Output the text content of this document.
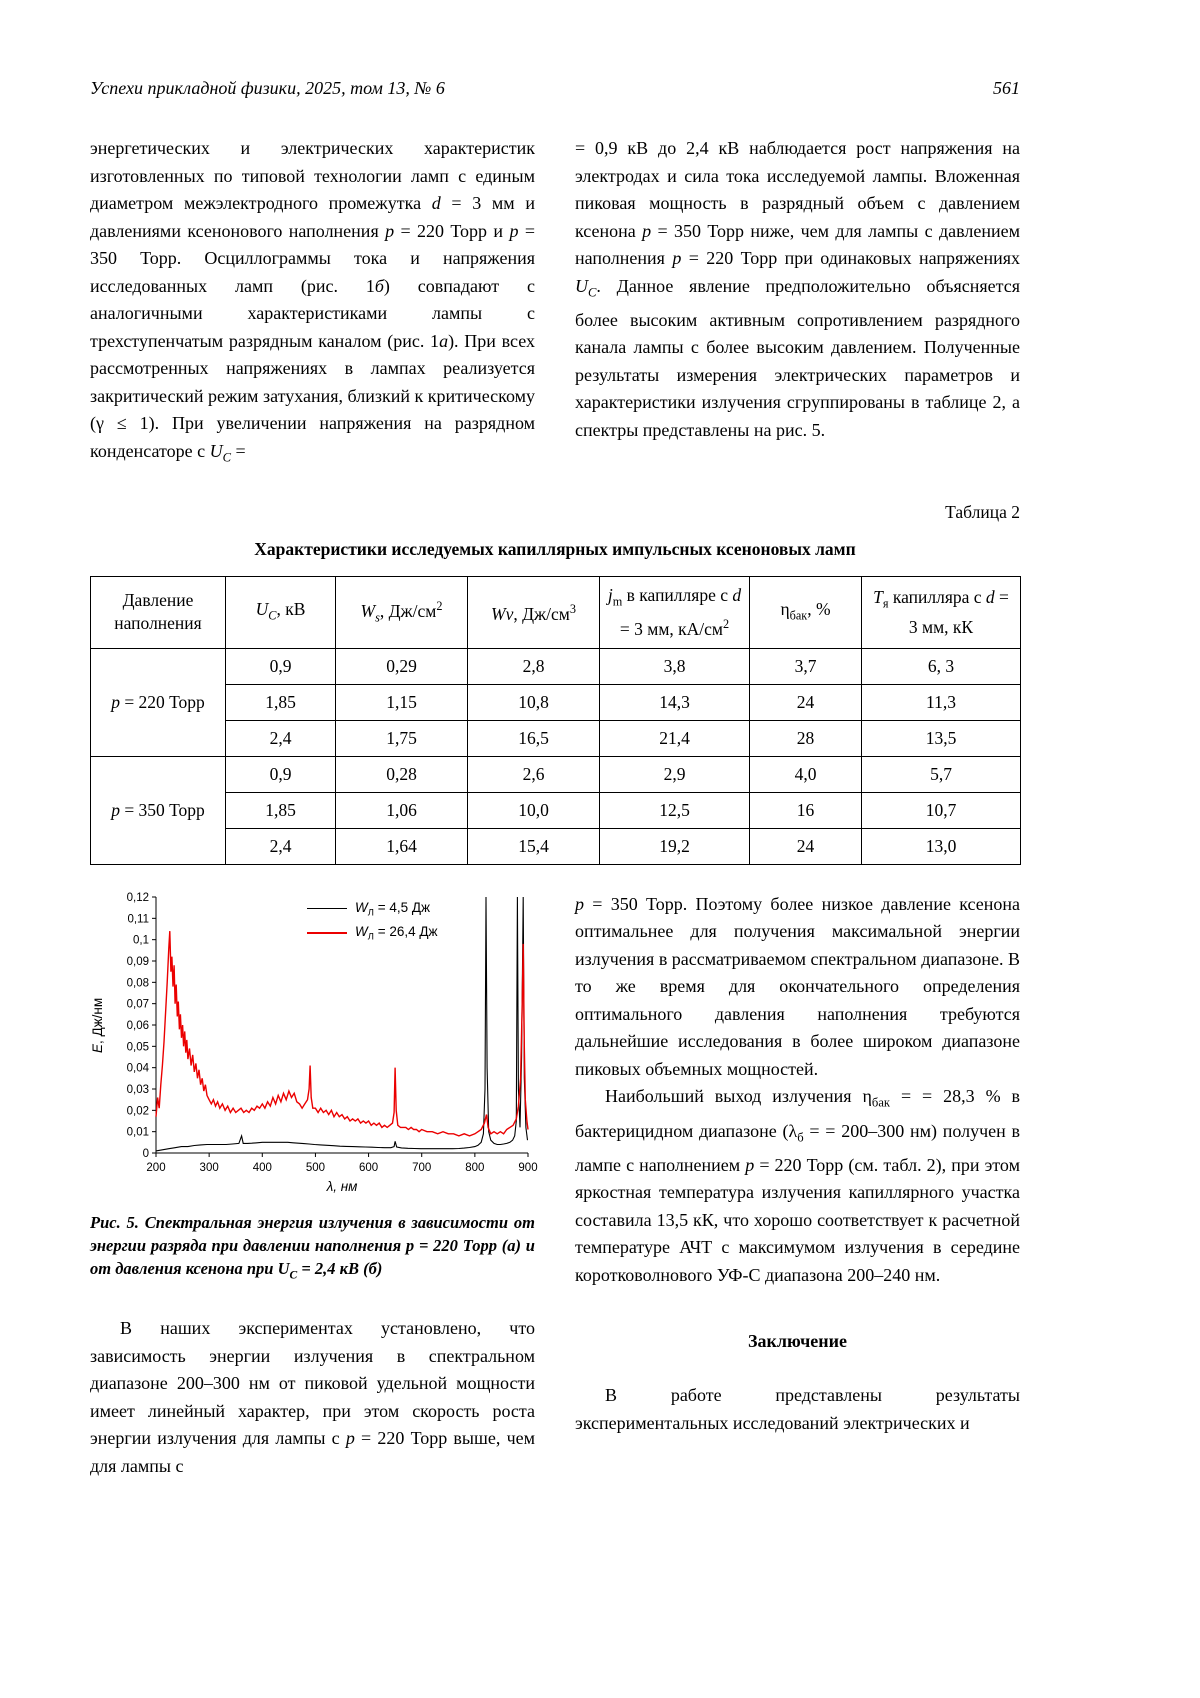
Успехи прикладной физики, 2025, том 13, № 6	561

энергетических и электрических характеристик изготовленных по типовой технологии ламп с единым диаметром межэлектродного промежутка d = 3 мм и давлениями ксенонового наполнения p = 220 Торр и p = 350 Торр. Осциллограммы тока и напряжения исследованных ламп (рис. 1б) совпадают с аналогичными характеристиками лампы с трехступенчатым разрядным каналом (рис. 1а). При всех рассмотренных напряжениях в лампах реализуется закритический режим затухания, близкий к критическому (γ ≤ 1). При увеличении напряжения на разрядном конденсаторе с $U_C$ =

= 0,9 кВ до 2,4 кВ наблюдается рост напряжения на электродах и сила тока исследуемой лампы. Вложенная пиковая мощность в разрядный объем с давлением ксенона p = 350 Торр ниже, чем для лампы с давлением наполнения p = 220 Торр при одинаковых напряжениях $U_C$. Данное явление предположительно объясняется более высоким активным сопротивлением разрядного канала лампы с более высоким давлением. Полученные результаты измерения электрических параметров и характеристики излучения сгруппированы в таблице 2, а спектры представлены на рис. 5.

Таблица 2
Характеристики исследуемых капиллярных импульсных ксеноновых ламп
Давление наполнения	$U_C$, кВ	$W_s$, $Дж/см^2$	Wv, $Дж/см^3$	$j_m$ в капилляре с d = 3 мм, $кА/см^2$	$\eta_{бак}$, %	$T_я$ капилляра с d = 3 мм, кК
p = 220 Торр	0,9	0,29	2,8	3,8	3,7	6, 3
	1,85	1,15	10,8	14,3	24	11,3
	2,4	1,75	16,5	21,4	28	13,5
p = 350 Торр	0,9	0,28	2,6	2,9	4,0	5,7
	1,85	1,06	10,0	12,5	16	10,7
	2,4	1,64	15,4	19,2	24	13,0
E
, Дж/нм
0
0,01
0,02
0,03
0,04
0,05
0,06
0,07
0,08
0,09
0,1
0,11
0,12
200	300	400	500	600	700	800	900
λ, нм
$W_Л = 4,5$ Дж
$W_Л = 26,4$ Дж

Рис. 5. Спектральная энергия излучения в зависимости от энергии разряда при давлении наполнения p = 220 Торр (а) и от давления ксенона при $U_C = 2,4$ кВ (б)

В наших экспериментах установлено, что зависимость энергии излучения в спектральном диапазоне 200–300 нм от пиковой удельной мощности имеет линейный характер, при этом скорость роста энергии излучения для лампы с p = 220 Торр выше, чем для лампы с

p = 350 Торр. Поэтому более низкое давление ксенона оптимальнее для получения максимальной энергии излучения в рассматриваемом спектральном диапазоне. В то же время для окончательного определения оптимального давления наполнения требуются дальнейшие исследования в более широком диапазоне пиковых объемных мощностей.

Наибольший выход излучения $\eta_{бак}$ = = 28,3 % в бактерицидном диапазоне ($\lambda_б$ = = 200–300 нм) получен в лампе с наполнением p = 220 Торр (см. табл. 2), при этом яркостная температура излучения капиллярного участка составила 13,5 кК, что хорошо соответствует к расчетной температуре АЧТ с максимумом излучения в середине коротковолнового УФ-С диапазона 200–240 нм.

Заключение

В работе представлены результаты экспериментальных исследований электрических и
